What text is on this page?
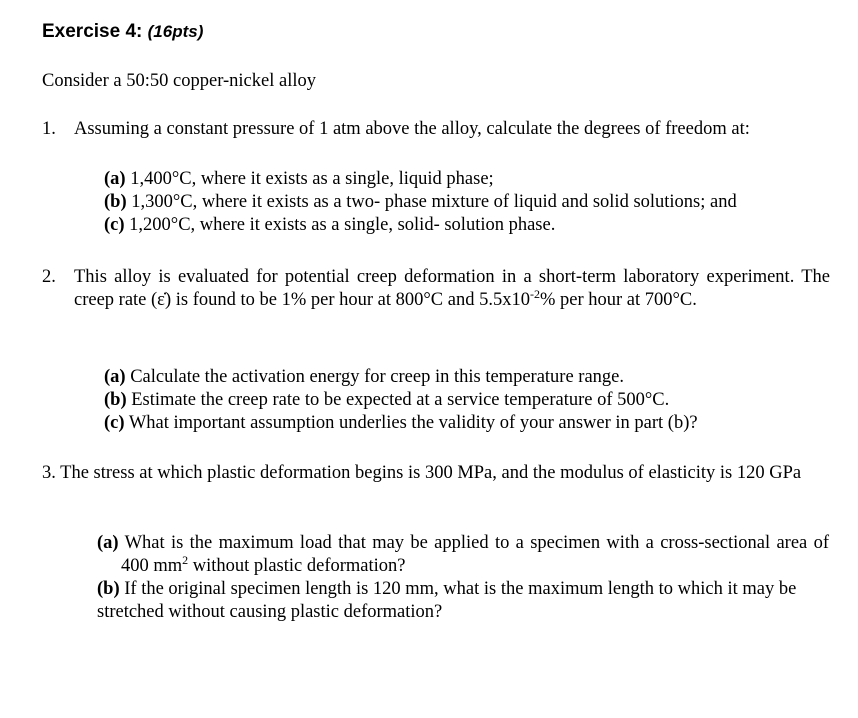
Exercise 4: (16pts)
Consider a 50:50 copper-nickel alloy
1. Assuming a constant pressure of 1 atm above the alloy, calculate the degrees of freedom at:

(a) 1,400°C, where it exists as a single, liquid phase;

(b) 1,300°C, where it exists as a two- phase mixture of liquid and solid solutions; and

(c) 1,200°C, where it exists as a single, solid- solution phase.

2. This alloy is evaluated for potential creep deformation in a short-term laboratory experiment. The creep rate (ε̇) is found to be 1% per hour at 800°C and $5.5x10^{-2}\%$ per hour at 700°C.

(a) Calculate the activation energy for creep in this temperature range.

(b) Estimate the creep rate to be expected at a service temperature of 500°C.

(c) What important assumption underlies the validity of your answer in part (b)?

3. The stress at which plastic deformation begins is 300 MPa, and the modulus of elasticity is 120 GPa

(a) What is the maximum load that may be applied to a specimen with a cross-sectional area of 400 $mm^2$ without plastic deformation?

(b) If the original specimen length is 120 mm, what is the maximum length to which it may be stretched without causing plastic deformation?
